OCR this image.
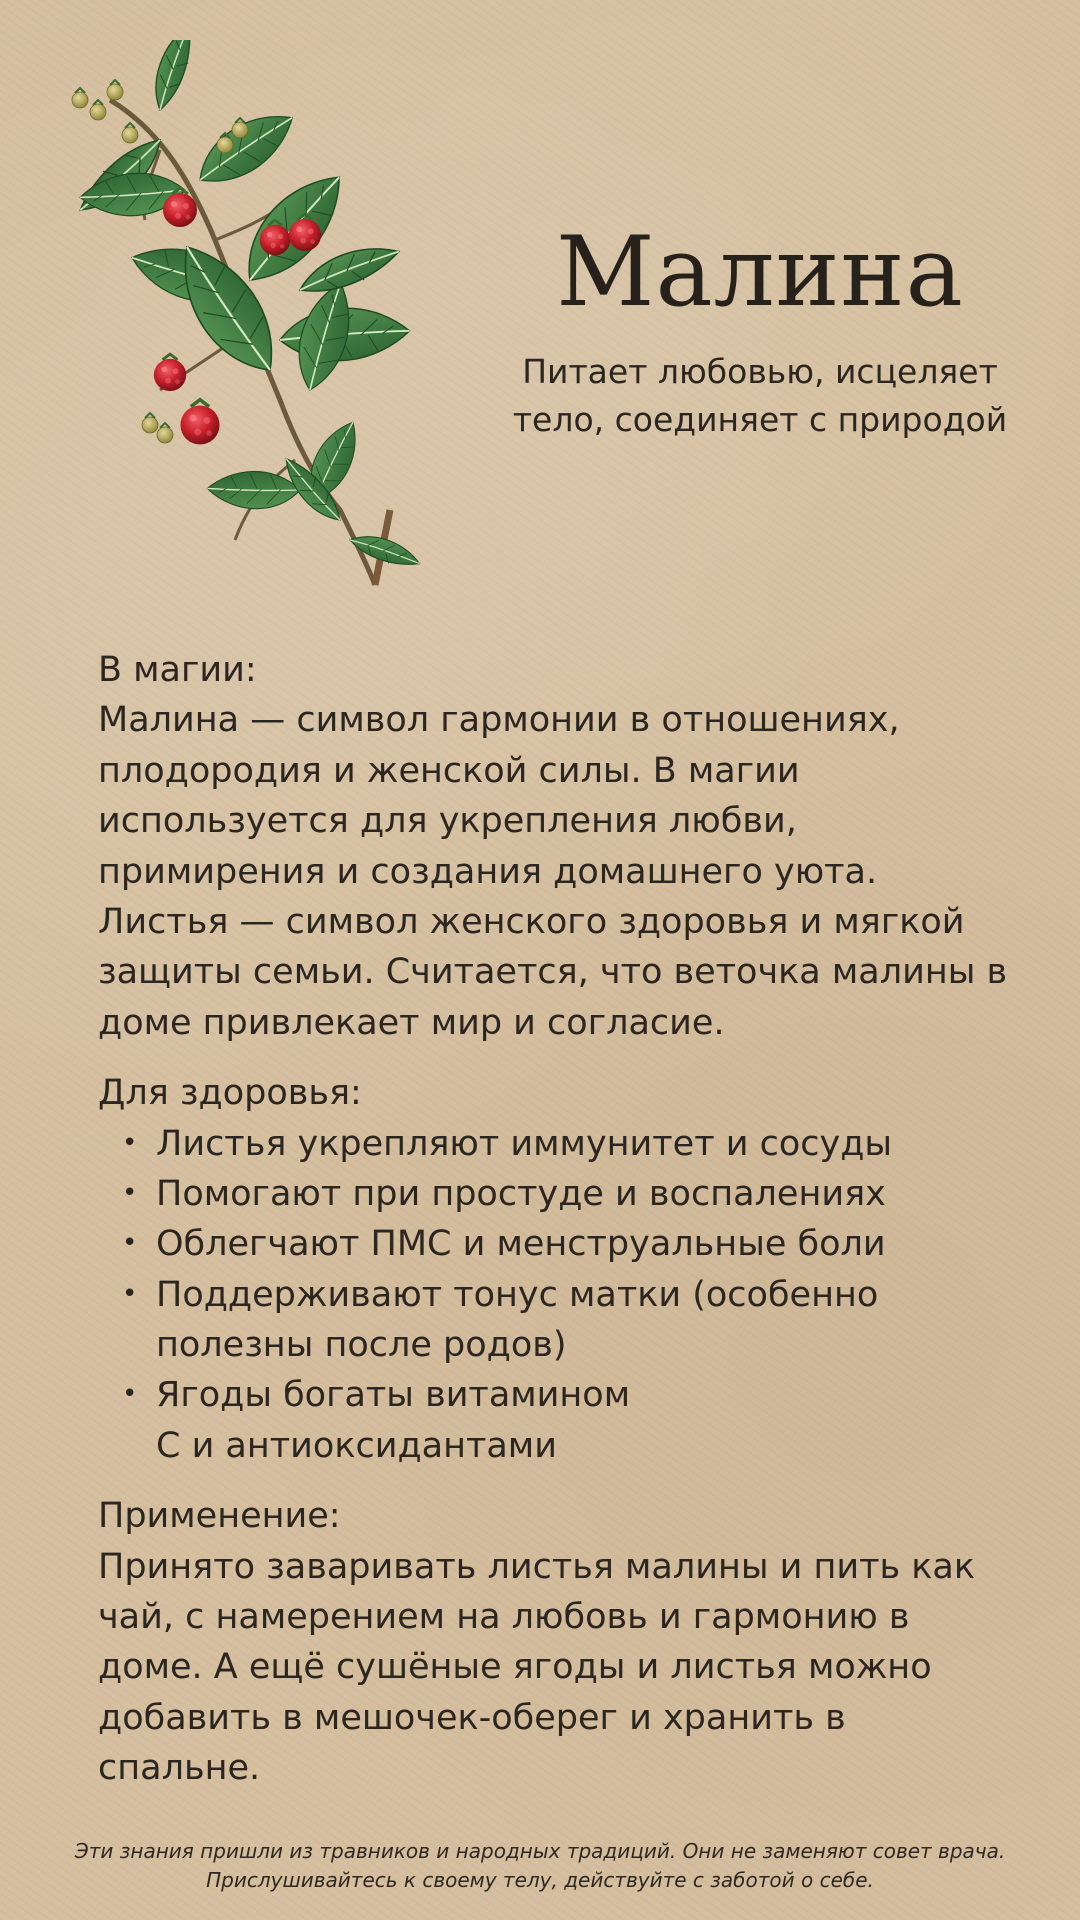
Малина

Питает любовью, исцеляет тело, соединяет с природой

В магии:
Малина — символ гармонии в отношениях, плодородия и женской силы. В магии используется для укрепления любви, примирения и создания домашнего уюта. Листья — символ женского здоровья и мягкой защиты семьи. Считается, что веточка малины в доме привлекает мир и согласие.
Для здоровья:
• Листья укрепляют иммунитет и сосуды
• Помогают при простуде и воспалениях
• Облегчают ПМС и менструальные боли
• Поддерживают тонус матки (особенно полезны после родов)
• Ягоды богаты витамином
С и антиоксидантами
Применение:
Принято заваривать листья малины и пить как чай, с намерением на любовь и гармонию в доме. А ещё сушёные ягоды и листья можно добавить в мешочек-оберег и хранить в спальне.

Эти знания пришли из травников и народных традиций. Они не заменяют совет врача. Прислушивайтесь к своему телу, действуйте с заботой о себе.
